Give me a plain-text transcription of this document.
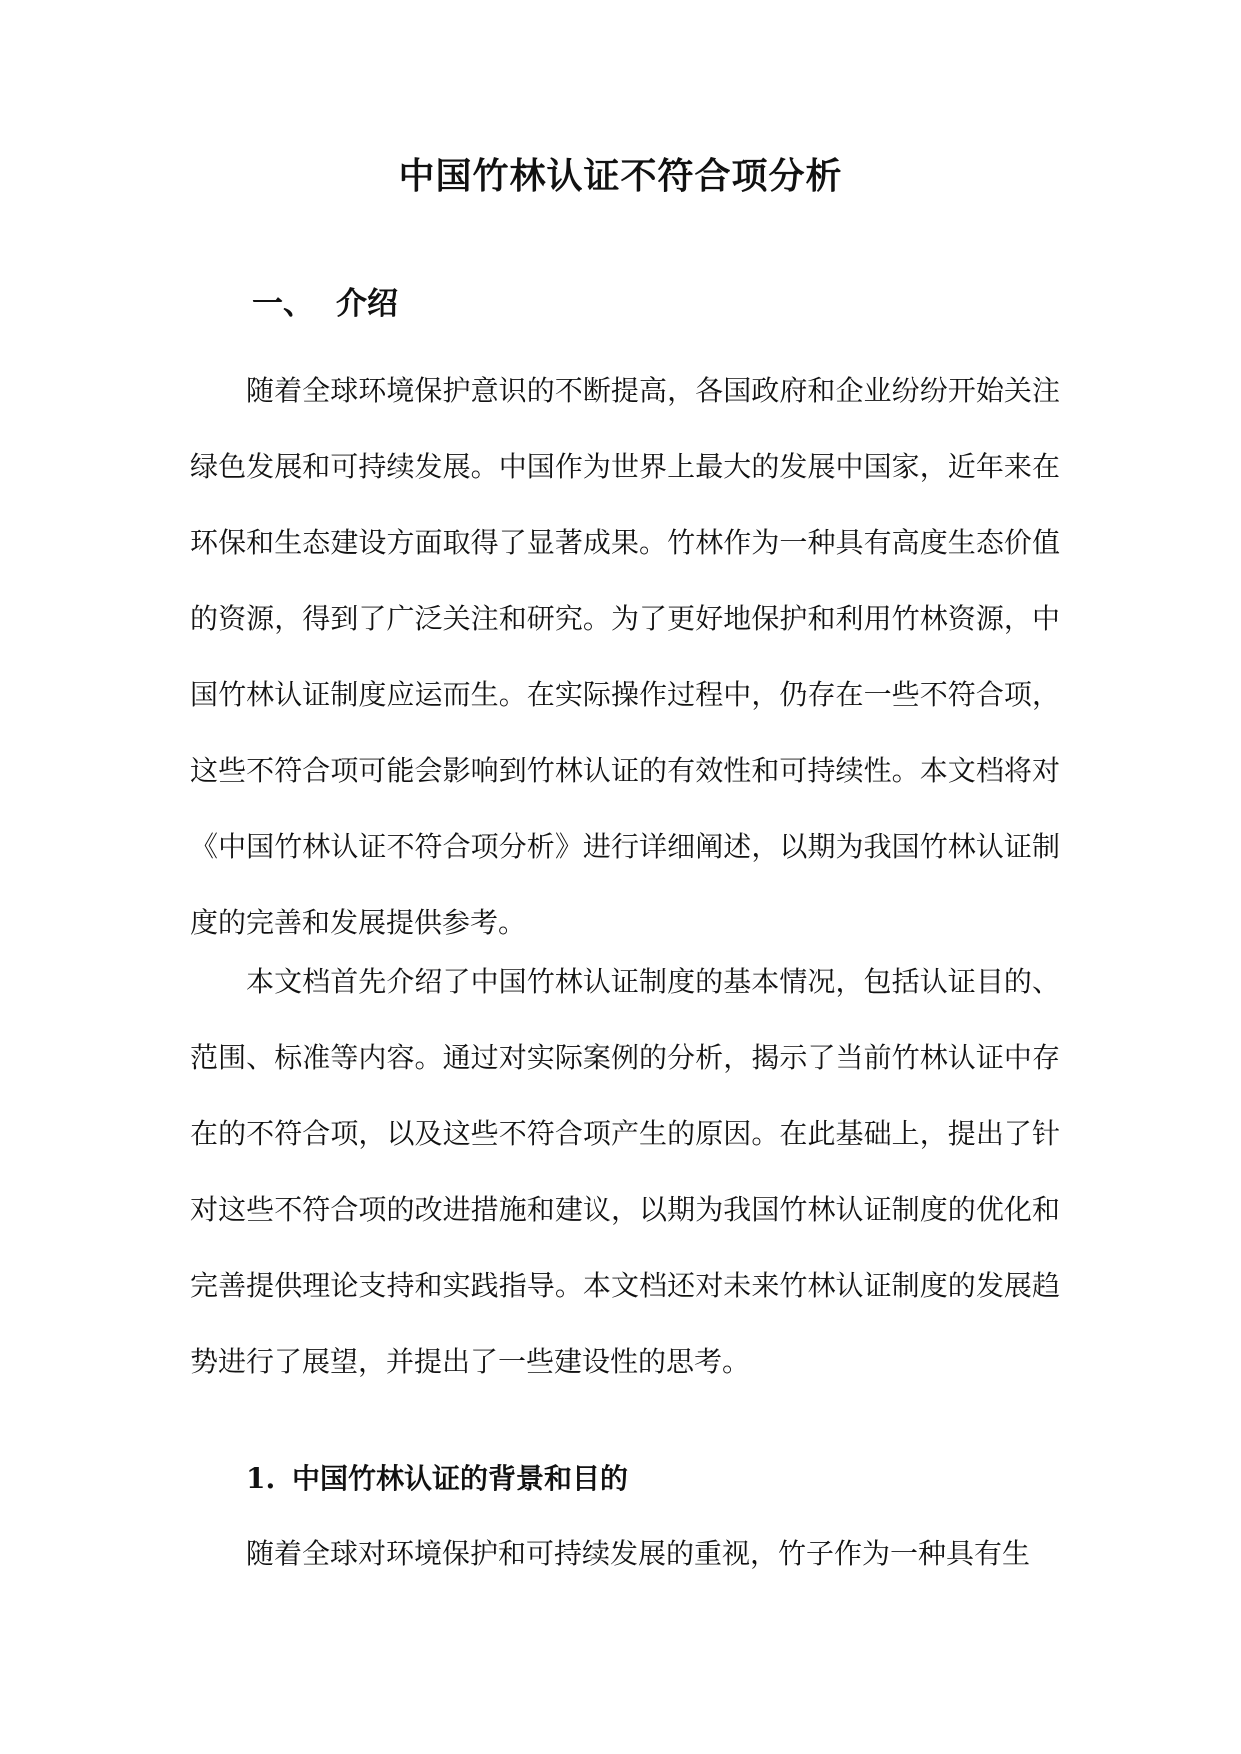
中国竹林认证不符合项分析
一、 介绍

随着全球环境保护意识的不断提高，各国政府和企业纷纷开始关注绿色发展和可持续发展。中国作为世界上最大的发展中国家，近年来在环保和生态建设方面取得了显著成果。竹林作为一种具有高度生态价值的资源，得到了广泛关注和研究。为了更好地保护和利用竹林资源，中国竹林认证制度应运而生。在实际操作过程中，仍存在一些不符合项，这些不符合项可能会影响到竹林认证的有效性和可持续性。本文档将对《中国竹林认证不符合项分析》进行详细阐述，以期为我国竹林认证制度的完善和发展提供参考。

本文档首先介绍了中国竹林认证制度的基本情况，包括认证目的、范围、标准等内容。通过对实际案例的分析，揭示了当前竹林认证中存在的不符合项，以及这些不符合项产生的原因。在此基础上，提出了针对这些不符合项的改进措施和建议，以期为我国竹林认证制度的优化和完善提供理论支持和实践指导。本文档还对未来竹林认证制度的发展趋势进行了展望，并提出了一些建设性的思考。

1. 中国竹林认证的背景和目的

随着全球对环境保护和可持续发展的重视，竹子作为一种具有生
